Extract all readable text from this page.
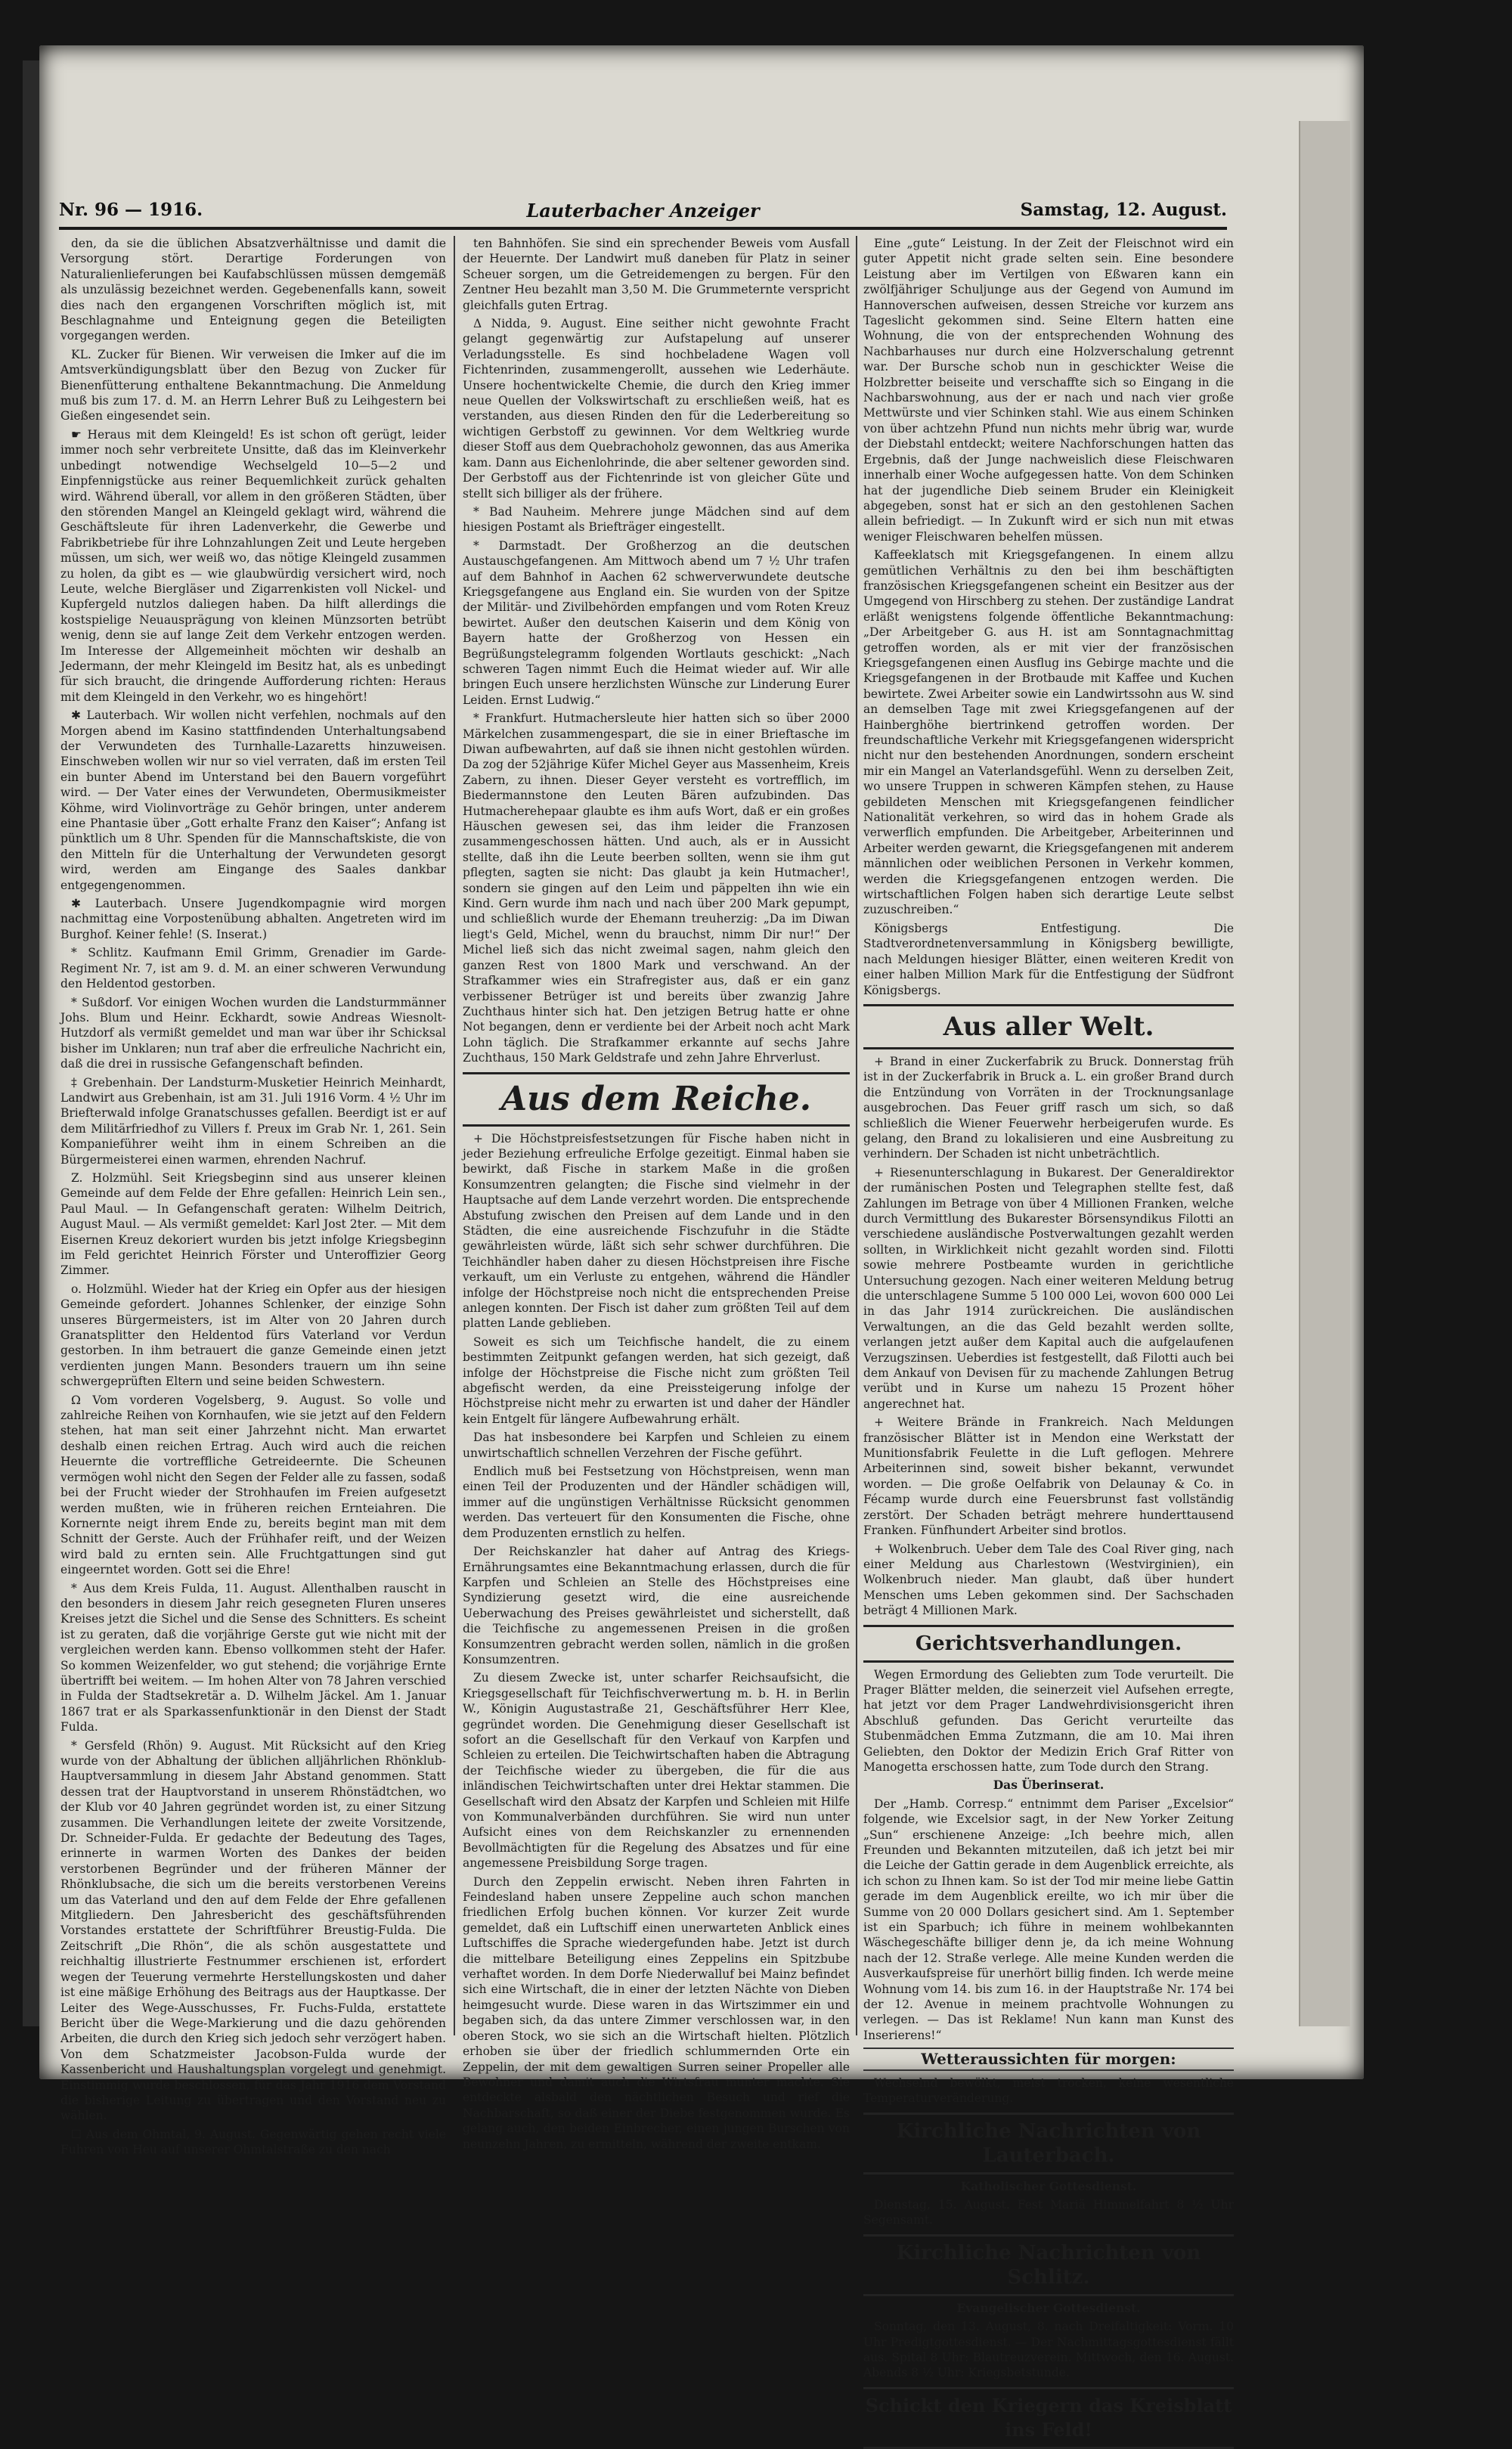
Nr. 96 — 1916.	Lauterbacher Anzeiger	Samstag, 12. August.

den, da sie die üblichen Absatzverhältnisse und damit die Versorgung stört. Derartige Forderungen von Naturalienlieferungen bei Kaufabschlüssen müssen demgemäß als unzulässig bezeichnet werden. Gegebenenfalls kann, soweit dies nach den ergangenen Vorschriften möglich ist, mit Beschlagnahme und Enteignung gegen die Beteiligten vorgegangen werden.

KL. Zucker für Bienen. Wir verweisen die Imker auf die im Amtsverkündigungsblatt über den Bezug von Zucker für Bienenfütterung enthaltene Bekanntmachung. Die Anmeldung muß bis zum 17. d. M. an Herrn Lehrer Buß zu Leihgestern bei Gießen eingesendet sein.

☛ Heraus mit dem Kleingeld! Es ist schon oft gerügt, leider immer noch sehr verbreitete Unsitte, daß das im Kleinverkehr unbedingt notwendige Wechselgeld 10—5—2 und Einpfennigstücke aus reiner Bequemlichkeit zurück gehalten wird. Während überall, vor allem in den größeren Städten, über den störenden Mangel an Kleingeld geklagt wird, während die Geschäftsleute für ihren Ladenverkehr, die Gewerbe und Fabrikbetriebe für ihre Lohnzahlungen Zeit und Leute hergeben müssen, um sich, wer weiß wo, das nötige Kleingeld zusammen zu holen, da gibt es — wie glaubwürdig versichert wird, noch Leute, welche Biergläser und Zigarrenkisten voll Nickel- und Kupfergeld nutzlos daliegen haben. Da hilft allerdings die kostspielige Neuausprägung von kleinen Münzsorten betrübt wenig, denn sie auf lange Zeit dem Verkehr entzogen werden. Im Interesse der Allgemeinheit möchten wir deshalb an Jedermann, der mehr Kleingeld im Besitz hat, als es unbedingt für sich braucht, die dringende Aufforderung richten: Heraus mit dem Kleingeld in den Verkehr, wo es hingehört!

✱ Lauterbach. Wir wollen nicht verfehlen, nochmals auf den Morgen abend im Kasino stattfindenden Unterhaltungsabend der Verwundeten des Turnhalle-Lazaretts hinzuweisen. Einschweben wollen wir nur so viel verraten, daß im ersten Teil ein bunter Abend im Unterstand bei den Bauern vorgeführt wird. — Der Vater eines der Verwundeten, Obermusikmeister Köhme, wird Violinvorträge zu Gehör bringen, unter anderem eine Phantasie über „Gott erhalte Franz den Kaiser“; Anfang ist pünktlich um 8 Uhr. Spenden für die Mannschaftskiste, die von den Mitteln für die Unterhaltung der Verwundeten gesorgt wird, werden am Eingange des Saales dankbar entgegengenommen.

✱ Lauterbach. Unsere Jugendkompagnie wird morgen nachmittag eine Vorpostenübung abhalten. Angetreten wird im Burghof. Keiner fehle! (S. Inserat.)

* Schlitz. Kaufmann Emil Grimm, Grenadier im Garde-Regiment Nr. 7, ist am 9. d. M. an einer schweren Verwundung den Heldentod gestorben.

* Sußdorf. Vor einigen Wochen wurden die Landsturmmänner Johs. Blum und Heinr. Eckhardt, sowie Andreas Wiesnolt-Hutzdorf als vermißt gemeldet und man war über ihr Schicksal bisher im Unklaren; nun traf aber die erfreuliche Nachricht ein, daß die drei in russische Gefangenschaft befinden.

‡ Grebenhain. Der Landsturm-Musketier Heinrich Meinhardt, Landwirt aus Grebenhain, ist am 31. Juli 1916 Vorm. 4 ½ Uhr im Briefterwald infolge Granatschusses gefallen. Beerdigt ist er auf dem Militärfriedhof zu Villers f. Preux im Grab Nr. 1, 261. Sein Kompanieführer weiht ihm in einem Schreiben an die Bürgermeisterei einen warmen, ehrenden Nachruf.

Z. Holzmühl. Seit Kriegsbeginn sind aus unserer kleinen Gemeinde auf dem Felde der Ehre gefallen: Heinrich Lein sen., Paul Maul. — In Gefangenschaft geraten: Wilhelm Deitrich, August Maul. — Als vermißt gemeldet: Karl Jost 2ter. — Mit dem Eisernen Kreuz dekoriert wurden bis jetzt infolge Kriegsbeginn im Feld gerichtet Heinrich Förster und Unteroffizier Georg Zimmer.

o. Holzmühl. Wieder hat der Krieg ein Opfer aus der hiesigen Gemeinde gefordert. Johannes Schlenker, der einzige Sohn unseres Bürgermeisters, ist im Alter von 20 Jahren durch Granatsplitter den Heldentod fürs Vaterland vor Verdun gestorben. In ihm betrauert die ganze Gemeinde einen jetzt verdienten jungen Mann. Besonders trauern um ihn seine schwergeprüften Eltern und seine beiden Schwestern.

Ω Vom vorderen Vogelsberg, 9. August. So volle und zahlreiche Reihen von Kornhaufen, wie sie jetzt auf den Feldern stehen, hat man seit einer Jahrzehnt nicht. Man erwartet deshalb einen reichen Ertrag. Auch wird auch die reichen Heuernte die vortreffliche Getreideernte. Die Scheunen vermögen wohl nicht den Segen der Felder alle zu fassen, sodaß bei der Frucht wieder der Strohhaufen im Freien aufgesetzt werden mußten, wie in früheren reichen Ernteiahren. Die Kornernte neigt ihrem Ende zu, bereits begint man mit dem Schnitt der Gerste. Auch der Frühhafer reift, und der Weizen wird bald zu ernten sein. Alle Fruchtgattungen sind gut eingeerntet worden. Gott sei die Ehre!

* Aus dem Kreis Fulda, 11. August. Allenthalben rauscht in den besonders in diesem Jahr reich gesegneten Fluren unseres Kreises jetzt die Sichel und die Sense des Schnitters. Es scheint ist zu geraten, daß die vorjährige Gerste gut wie nicht mit der vergleichen werden kann. Ebenso vollkommen steht der Hafer. So kommen Weizenfelder, wo gut stehend; die vorjährige Ernte übertrifft bei weitem. — Im hohen Alter von 78 Jahren verschied in Fulda der Stadtsekretär a. D. Wilhelm Jäckel. Am 1. Januar 1867 trat er als Sparkassenfunktionär in den Dienst der Stadt Fulda.

* Gersfeld (Rhön) 9. August. Mit Rücksicht auf den Krieg wurde von der Abhaltung der üblichen alljährlichen Rhönklub-Hauptversammlung in diesem Jahr Abstand genommen. Statt dessen trat der Hauptvorstand in unserem Rhönstädtchen, wo der Klub vor 40 Jahren gegründet worden ist, zu einer Sitzung zusammen. Die Verhandlungen leitete der zweite Vorsitzende, Dr. Schneider-Fulda. Er gedachte der Bedeutung des Tages, erinnerte in warmen Worten des Dankes der beiden verstorbenen Begründer und der früheren Männer der Rhönklubsache, die sich um die bereits verstorbenen Vereins um das Vaterland und den auf dem Felde der Ehre gefallenen Mitgliedern. Den Jahresbericht des geschäftsführenden Vorstandes erstattete der Schriftführer Breustig-Fulda. Die Zeitschrift „Die Rhön“, die als schön ausgestattete und reichhaltig illustrierte Festnummer erschienen ist, erfordert wegen der Teuerung vermehrte Herstellungskosten und daher ist eine mäßige Erhöhung des Beitrags aus der Hauptkasse. Der Leiter des Wege-Ausschusses, Fr. Fuchs-Fulda, erstattete Bericht über die Wege-Markierung und die dazu gehörenden Arbeiten, die durch den Krieg sich jedoch sehr verzögert haben. Von dem Schatzmeister Jacobson-Fulda wurde der Kassenbericht und Haushaltungsplan vorgelegt und genehmigt. Einstimmig wurde beschlossen, für das Jahr 1916 dem Vorstand die bisherige Leitung zu übertragen und den Vorstand neu zu wählen.

☐ Aus dem Ohmtal, 9. August. Gegenwärtig gehen recht viele Fuhren von Heu auf unserer Ohmtalstraße zu den nach

ten Bahnhöfen. Sie sind ein sprechender Beweis vom Ausfall der Heuernte. Der Landwirt muß daneben für Platz in seiner Scheuer sorgen, um die Getreidemengen zu bergen. Für den Zentner Heu bezahlt man 3,50 M. Die Grummeternte verspricht gleichfalls guten Ertrag.

Δ Nidda, 9. August. Eine seither nicht gewohnte Fracht gelangt gegenwärtig zur Aufstapelung auf unserer Verladungsstelle. Es sind hochbeladene Wagen voll Fichtenrinden, zusammengerollt, aussehen wie Lederhäute. Unsere hochentwickelte Chemie, die durch den Krieg immer neue Quellen der Volkswirtschaft zu erschließen weiß, hat es verstanden, aus diesen Rinden den für die Lederbereitung so wichtigen Gerbstoff zu gewinnen. Vor dem Weltkrieg wurde dieser Stoff aus dem Quebrachoholz gewonnen, das aus Amerika kam. Dann aus Eichenlohrinde, die aber seltener geworden sind. Der Gerbstoff aus der Fichtenrinde ist von gleicher Güte und stellt sich billiger als der frühere.

* Bad Nauheim. Mehrere junge Mädchen sind auf dem hiesigen Postamt als Briefträger eingestellt.

* Darmstadt. Der Großherzog an die deutschen Austauschgefangenen. Am Mittwoch abend um 7 ½ Uhr trafen auf dem Bahnhof in Aachen 62 schwerverwundete deutsche Kriegsgefangene aus England ein. Sie wurden von der Spitze der Militär- und Zivilbehörden empfangen und vom Roten Kreuz bewirtet. Außer den deutschen Kaiserin und dem König von Bayern hatte der Großherzog von Hessen ein Begrüßungstelegramm folgenden Wortlauts geschickt: „Nach schweren Tagen nimmt Euch die Heimat wieder auf. Wir alle bringen Euch unsere herzlichsten Wünsche zur Linderung Eurer Leiden. Ernst Ludwig.“

* Frankfurt. Hutmachersleute hier hatten sich so über 2000 Märkelchen zusammengespart, die sie in einer Brieftasche im Diwan aufbewahrten, auf daß sie ihnen nicht gestohlen würden. Da zog der 52jährige Küfer Michel Geyer aus Massenheim, Kreis Zabern, zu ihnen. Dieser Geyer versteht es vortrefflich, im Biedermannstone den Leuten Bären aufzubinden. Das Hutmacherehepaar glaubte es ihm aufs Wort, daß er ein großes Häuschen gewesen sei, das ihm leider die Franzosen zusammengeschossen hätten. Und auch, als er in Aussicht stellte, daß ihn die Leute beerben sollten, wenn sie ihm gut pflegten, sagten sie nicht: Das glaubt ja kein Hutmacher!, sondern sie gingen auf den Leim und päppelten ihn wie ein Kind. Gern wurde ihm nach und nach über 200 Mark gepumpt, und schließlich wurde der Ehemann treuherzig: „Da im Diwan liegt's Geld, Michel, wenn du brauchst, nimm Dir nur!“ Der Michel ließ sich das nicht zweimal sagen, nahm gleich den ganzen Rest von 1800 Mark und verschwand. An der Strafkammer wies ein Strafregister aus, daß er ein ganz verbissener Betrüger ist und bereits über zwanzig Jahre Zuchthaus hinter sich hat. Den jetzigen Betrug hatte er ohne Not begangen, denn er verdiente bei der Arbeit noch acht Mark Lohn täglich. Die Strafkammer erkannte auf sechs Jahre Zuchthaus, 150 Mark Geldstrafe und zehn Jahre Ehrverlust.

Aus dem Reiche.

+ Die Höchstpreisfestsetzungen für Fische haben nicht in jeder Beziehung erfreuliche Erfolge gezeitigt. Einmal haben sie bewirkt, daß Fische in starkem Maße in die großen Konsumzentren gelangten; die Fische sind vielmehr in der Hauptsache auf dem Lande verzehrt worden. Die entsprechende Abstufung zwischen den Preisen auf dem Lande und in den Städten, die eine ausreichende Fischzufuhr in die Städte gewährleisten würde, läßt sich sehr schwer durchführen. Die Teichhändler haben daher zu diesen Höchstpreisen ihre Fische verkauft, um ein Verluste zu entgehen, während die Händler infolge der Höchstpreise noch nicht die entsprechenden Preise anlegen konnten. Der Fisch ist daher zum größten Teil auf dem platten Lande geblieben.

Soweit es sich um Teichfische handelt, die zu einem bestimmten Zeitpunkt gefangen werden, hat sich gezeigt, daß infolge der Höchstpreise die Fische nicht zum größten Teil abgefischt werden, da eine Preissteigerung infolge der Höchstpreise nicht mehr zu erwarten ist und daher der Händler kein Entgelt für längere Aufbewahrung erhält.

Das hat insbesondere bei Karpfen und Schleien zu einem unwirtschaftlich schnellen Verzehren der Fische geführt.

Endlich muß bei Festsetzung von Höchstpreisen, wenn man einen Teil der Produzenten und der Händler schädigen will, immer auf die ungünstigen Verhältnisse Rücksicht genommen werden. Das verteuert für den Konsumenten die Fische, ohne dem Produzenten ernstlich zu helfen.

Der Reichskanzler hat daher auf Antrag des Kriegs-Ernährungsamtes eine Bekanntmachung erlassen, durch die für Karpfen und Schleien an Stelle des Höchstpreises eine Syndizierung gesetzt wird, die eine ausreichende Ueberwachung des Preises gewährleistet und sicherstellt, daß die Teichfische zu angemessenen Preisen in die großen Konsumzentren gebracht werden sollen, nämlich in die großen Konsumzentren.

Zu diesem Zwecke ist, unter scharfer Reichsaufsicht, die Kriegsgesellschaft für Teichfischverwertung m. b. H. in Berlin W., Königin Augustastraße 21, Geschäftsführer Herr Klee, gegründet worden. Die Genehmigung dieser Gesellschaft ist sofort an die Gesellschaft für den Verkauf von Karpfen und Schleien zu erteilen. Die Teichwirtschaften haben die Abtragung der Teichfische wieder zu übergeben, die für die aus inländischen Teichwirtschaften unter drei Hektar stammen. Die Gesellschaft wird den Absatz der Karpfen und Schleien mit Hilfe von Kommunalverbänden durchführen. Sie wird nun unter Aufsicht eines von dem Reichskanzler zu ernennenden Bevollmächtigten für die Regelung des Absatzes und für eine angemessene Preisbildung Sorge tragen.

Durch den Zeppelin erwischt. Neben ihren Fahrten in Feindesland haben unsere Zeppeline auch schon manchen friedlichen Erfolg buchen können. Vor kurzer Zeit wurde gemeldet, daß ein Luftschiff einen unerwarteten Anblick eines Luftschiffes die Sprache wiedergefunden habe. Jetzt ist durch die mittelbare Beteiligung eines Zeppelins ein Spitzbube verhaftet worden. In dem Dorfe Niederwalluf bei Mainz befindet sich eine Wirtschaft, die in einer der letzten Nächte von Dieben heimgesucht wurde. Diese waren in das Wirtszimmer ein und begaben sich, da das untere Zimmer verschlossen war, in den oberen Stock, wo sie sich an die Wirtschaft hielten. Plötzlich erhoben sie über der friedlich schlummernden Orte ein Zeppelin, der mit dem gewaltigen Surren seiner Propeller alle Bewohner und damit auch die Wirtsfrau munter machte. Sie entdeckte alsbald den nächtlichen Besuch und rief die Nachbarschaft, so daß einer der Diebe festgenommen wurde. Es gelang auch, den beiden Einbrecher, einen jungen Burschen von neunzehn Jahren, zu ermitteln, während der zweite entkam.

Eine „gute“ Leistung. In der Zeit der Fleischnot wird ein guter Appetit nicht grade selten sein. Eine besondere Leistung aber im Vertilgen von Eßwaren kann ein zwölfjähriger Schuljunge aus der Gegend von Aumund im Hannoverschen aufweisen, dessen Streiche vor kurzem ans Tageslicht gekommen sind. Seine Eltern hatten eine Wohnung, die von der entsprechenden Wohnung des Nachbarhauses nur durch eine Holzverschalung getrennt war. Der Bursche schob nun in geschickter Weise die Holzbretter beiseite und verschaffte sich so Eingang in die Nachbarswohnung, aus der er nach und nach vier große Mettwürste und vier Schinken stahl. Wie aus einem Schinken von über achtzehn Pfund nun nichts mehr übrig war, wurde der Diebstahl entdeckt; weitere Nachforschungen hatten das Ergebnis, daß der Junge nachweislich diese Fleischwaren innerhalb einer Woche aufgegessen hatte. Von dem Schinken hat der jugendliche Dieb seinem Bruder ein Kleinigkeit abgegeben, sonst hat er sich an den gestohlenen Sachen allein befriedigt. — In Zukunft wird er sich nun mit etwas weniger Fleischwaren behelfen müssen.

Kaffeeklatsch mit Kriegsgefangenen. In einem allzu gemütlichen Verhältnis zu den bei ihm beschäftigten französischen Kriegsgefangenen scheint ein Besitzer aus der Umgegend von Hirschberg zu stehen. Der zuständige Landrat erläßt wenigstens folgende öffentliche Bekanntmachung: „Der Arbeitgeber G. aus H. ist am Sonntagnachmittag getroffen worden, als er mit vier der französischen Kriegsgefangenen einen Ausflug ins Gebirge machte und die Kriegsgefangenen in der Brotbaude mit Kaffee und Kuchen bewirtete. Zwei Arbeiter sowie ein Landwirtssohn aus W. sind an demselben Tage mit zwei Kriegsgefangenen auf der Hainberghöhe biertrinkend getroffen worden. Der freundschaftliche Verkehr mit Kriegsgefangenen widerspricht nicht nur den bestehenden Anordnungen, sondern erscheint mir ein Mangel an Vaterlandsgefühl. Wenn zu derselben Zeit, wo unsere Truppen in schweren Kämpfen stehen, zu Hause gebildeten Menschen mit Kriegsgefangenen feindlicher Nationalität verkehren, so wird das in hohem Grade als verwerflich empfunden. Die Arbeitgeber, Arbeiterinnen und Arbeiter werden gewarnt, die Kriegsgefangenen mit anderem männlichen oder weiblichen Personen in Verkehr kommen, werden die Kriegsgefangenen entzogen werden. Die wirtschaftlichen Folgen haben sich derartige Leute selbst zuzuschreiben.“

Königsbergs Entfestigung. Die Stadtverordnetenversammlung in Königsberg bewilligte, nach Meldungen hiesiger Blätter, einen weiteren Kredit von einer halben Million Mark für die Entfestigung der Südfront Königsbergs.

Aus aller Welt.

+ Brand in einer Zuckerfabrik zu Bruck. Donnerstag früh ist in der Zuckerfabrik in Bruck a. L. ein großer Brand durch die Entzündung von Vorräten in der Trocknungsanlage ausgebrochen. Das Feuer griff rasch um sich, so daß schließlich die Wiener Feuerwehr herbeigerufen wurde. Es gelang, den Brand zu lokalisieren und eine Ausbreitung zu verhindern. Der Schaden ist nicht unbeträchtlich.

+ Riesenunterschlagung in Bukarest. Der Generaldirektor der rumänischen Posten und Telegraphen stellte fest, daß Zahlungen im Betrage von über 4 Millionen Franken, welche durch Vermittlung des Bukarester Börsensyndikus Filotti an verschiedene ausländische Postverwaltungen gezahlt werden sollten, in Wirklichkeit nicht gezahlt worden sind. Filotti sowie mehrere Postbeamte wurden in gerichtliche Untersuchung gezogen. Nach einer weiteren Meldung betrug die unterschlagene Summe 5 100 000 Lei, wovon 600 000 Lei in das Jahr 1914 zurückreichen. Die ausländischen Verwaltungen, an die das Geld bezahlt werden sollte, verlangen jetzt außer dem Kapital auch die aufgelaufenen Verzugszinsen. Ueberdies ist festgestellt, daß Filotti auch bei dem Ankauf von Devisen für zu machende Zahlungen Betrug verübt und in Kurse um nahezu 15 Prozent höher angerechnet hat.

+ Weitere Brände in Frankreich. Nach Meldungen französischer Blätter ist in Mendon eine Werkstatt der Munitionsfabrik Feulette in die Luft geflogen. Mehrere Arbeiterinnen sind, soweit bisher bekannt, verwundet worden. — Die große Oelfabrik von Delaunay & Co. in Fécamp wurde durch eine Feuersbrunst fast vollständig zerstört. Der Schaden beträgt mehrere hunderttausend Franken. Fünfhundert Arbeiter sind brotlos.

+ Wolkenbruch. Ueber dem Tale des Coal River ging, nach einer Meldung aus Charlestown (Westvirginien), ein Wolkenbruch nieder. Man glaubt, daß über hundert Menschen ums Leben gekommen sind. Der Sachschaden beträgt 4 Millionen Mark.

Gerichtsverhandlungen.

Wegen Ermordung des Geliebten zum Tode verurteilt. Die Prager Blätter melden, die seinerzeit viel Aufsehen erregte, hat jetzt vor dem Prager Landwehrdivisionsgericht ihren Abschluß gefunden. Das Gericht verurteilte das Stubenmädchen Emma Zutzmann, die am 10. Mai ihren Geliebten, den Doktor der Medizin Erich Graf Ritter von Manogetta erschossen hatte, zum Tode durch den Strang.

Das Überinserat.

Der „Hamb. Corresp.“ entnimmt dem Pariser „Excelsior“ folgende, wie Excelsior sagt, in der New Yorker Zeitung „Sun“ erschienene Anzeige: „Ich beehre mich, allen Freunden und Bekannten mitzuteilen, daß ich jetzt bei mir die Leiche der Gattin gerade in dem Augenblick erreichte, als ich schon zu Ihnen kam. So ist der Tod mir meine liebe Gattin gerade im dem Augenblick ereilte, wo ich mir über die Summe von 20 000 Dollars gesichert sind. Am 1. September ist ein Sparbuch; ich führe in meinem wohlbekannten Wäschegeschäfte billiger denn je, da ich meine Wohnung nach der 12. Straße verlege. Alle meine Kunden werden die Ausverkaufspreise für unerhört billig finden. Ich werde meine Wohnung vom 14. bis zum 16. in der Hauptstraße Nr. 174 bei der 12. Avenue in meinem prachtvolle Wohnungen zu verlegen. — Das ist Reklame! Nun kann man Kunst des Inserierens!“

Wetteraussichten für morgen:

Wechselnd bewölkt, meist trocken, keine wesentliche Temperaturveränderung.

Kirchliche Nachrichten von Lauterbach.

Katholischer Gottesdienst.

Dienstag, 15. August. Fest Mariä Himmelfahrt 8 ½ Uhr Segensamt.

Kirchliche Nachrichten von Schlitz.

Evangelischer Gottesdienst.

Sonntag, den 13. August, 8. nach Dreifaltigkeit: Vorm. 10 Uhr Predigtgottesdienst. — Der Nachmittagsgottesdienst fällt aus. Spital 8 Uhr: Blautreuzverein. Mittwoch, den 16. August. Abends 8 ½ Uhr: Kriegsbetstunde.

Schickt den Kriegern das Kreisblatt ins Feld!
